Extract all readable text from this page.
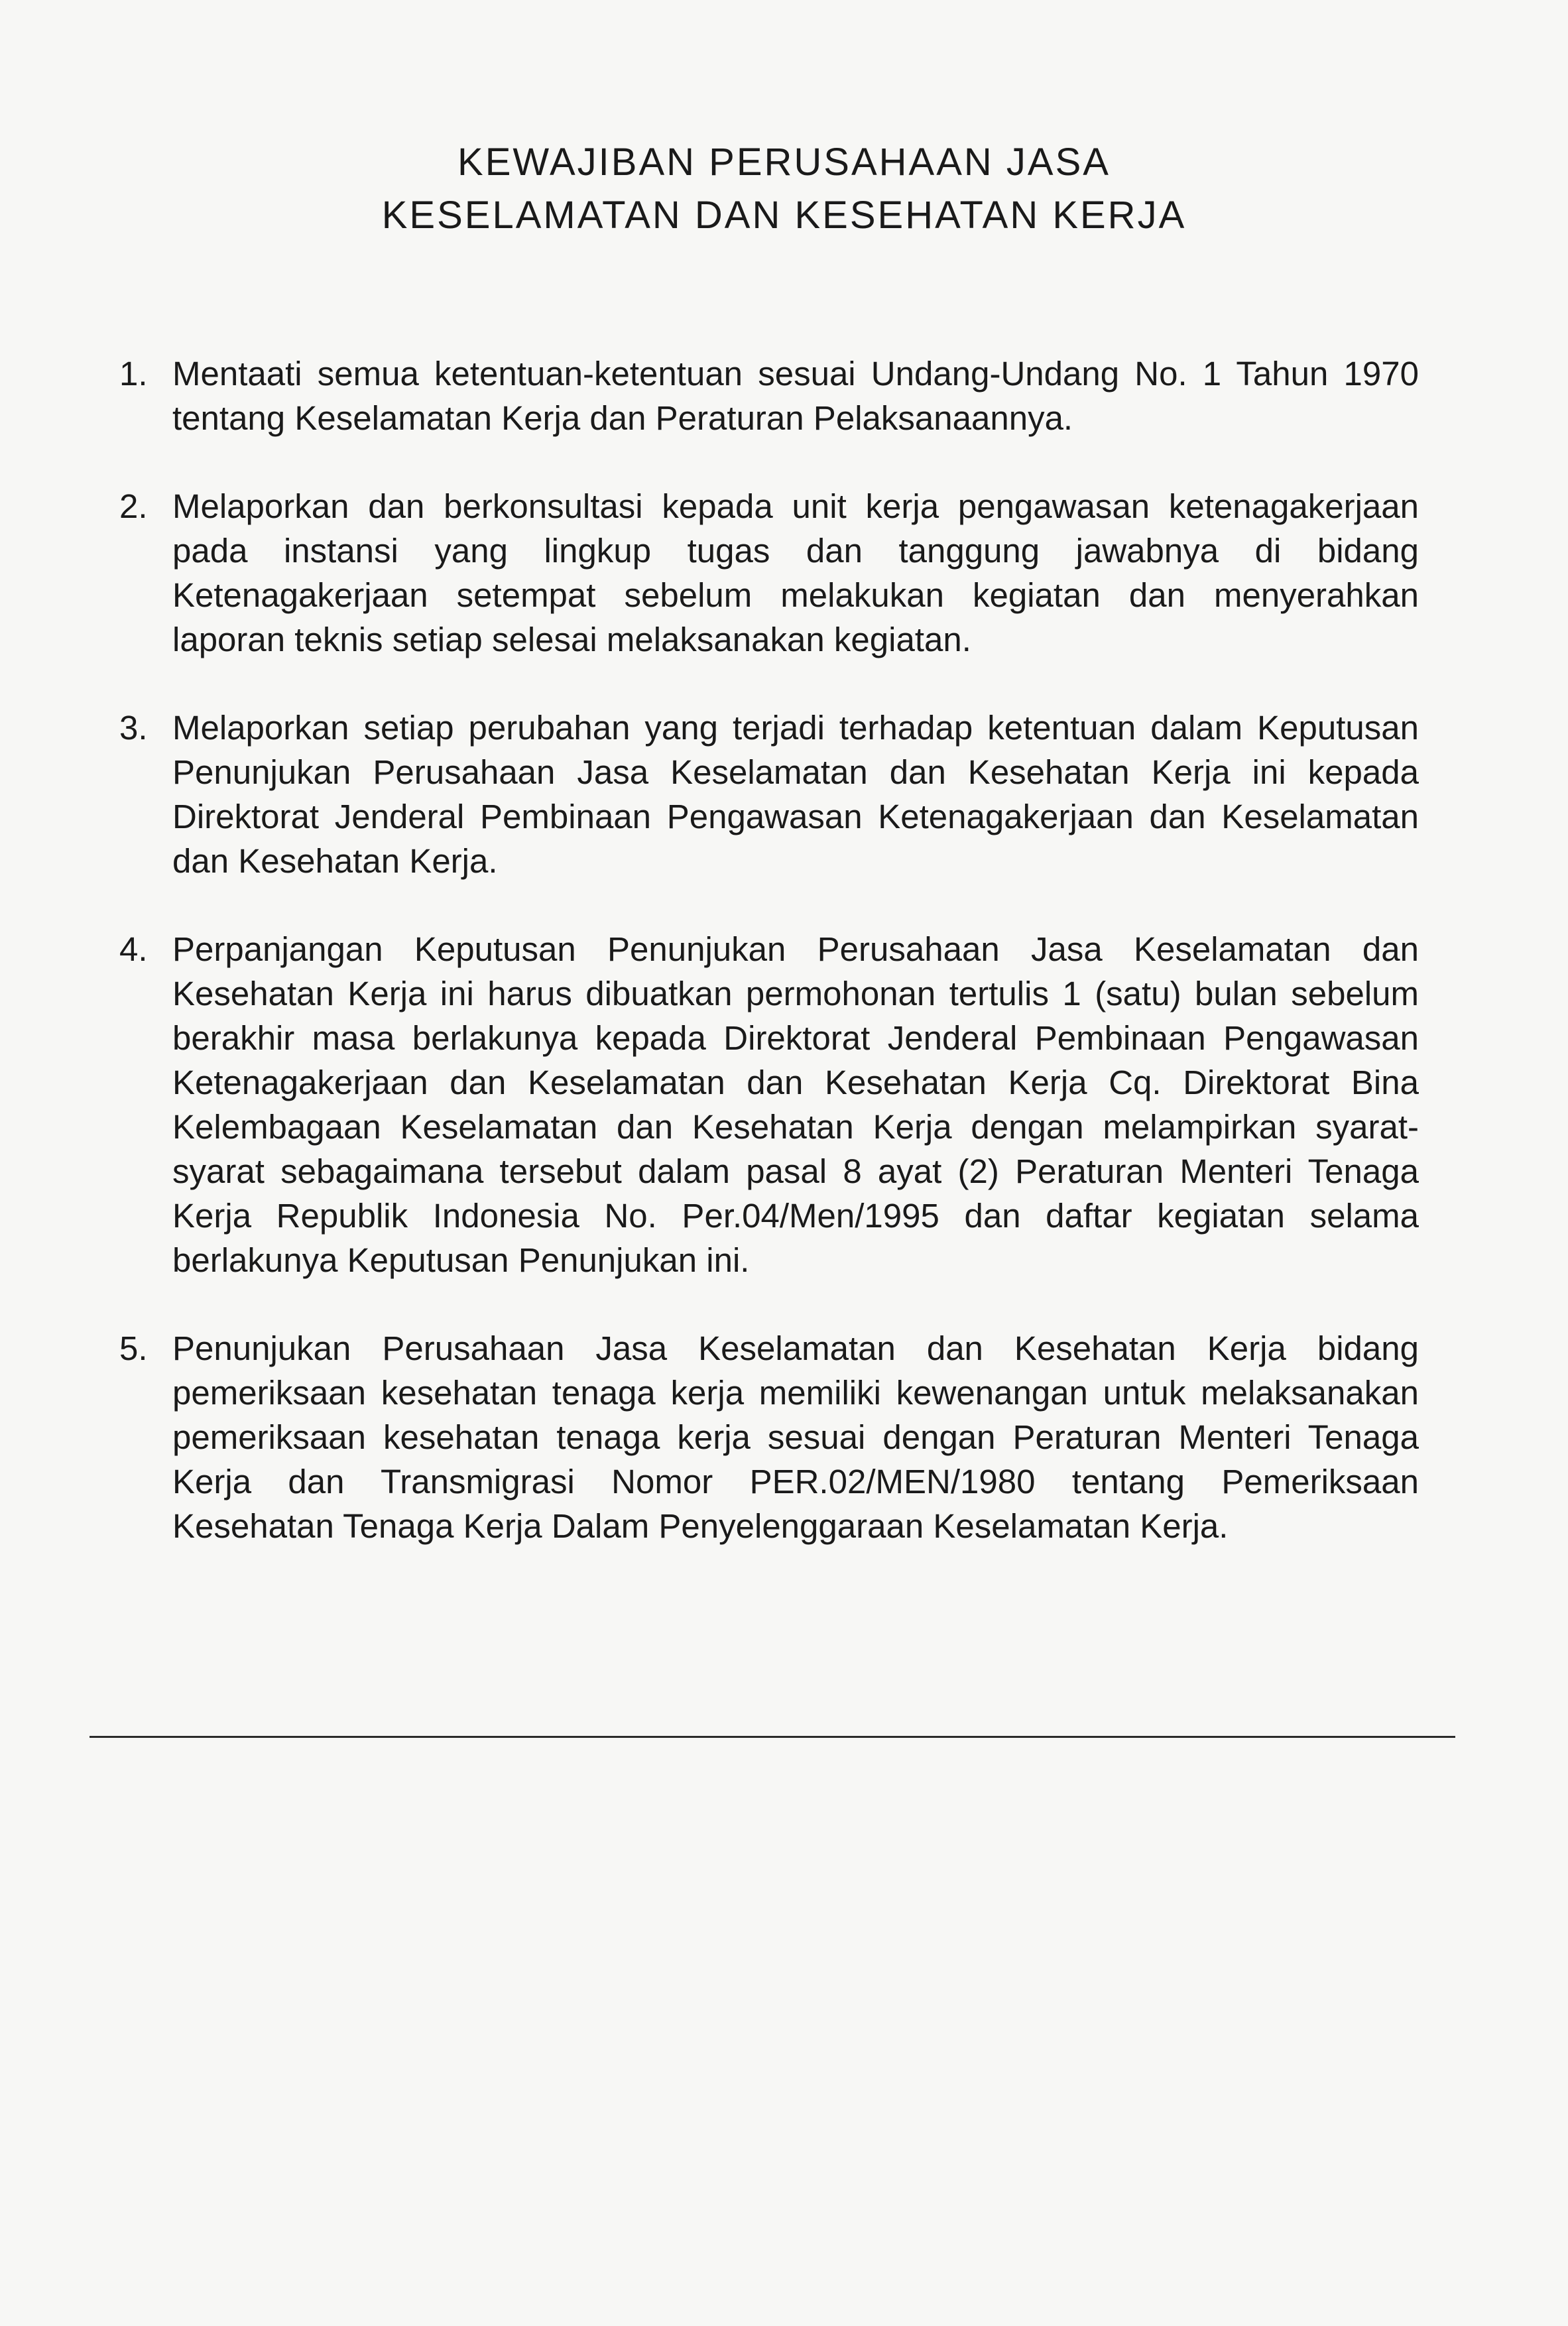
KEWAJIBAN PERUSAHAAN JASA
KESELAMATAN DAN KESEHATAN KERJA
1. Mentaati semua ketentuan-ketentuan sesuai Undang-Undang No. 1 Tahun 1970 tentang Keselamatan Kerja dan Peraturan Pelaksanaannya.
2. Melaporkan dan berkonsultasi kepada unit kerja pengawasan ketenagakerjaan pada instansi yang lingkup tugas dan tanggung jawabnya di bidang Ketenagakerjaan setempat sebelum melakukan kegiatan dan menyerahkan laporan teknis setiap selesai melaksanakan kegiatan.
3. Melaporkan setiap perubahan yang terjadi terhadap ketentuan dalam Keputusan Penunjukan Perusahaan Jasa Keselamatan dan Kesehatan Kerja ini kepada Direktorat Jenderal Pembinaan Pengawasan Ketenagakerjaan dan Keselamatan dan Kesehatan Kerja.
4. Perpanjangan Keputusan Penunjukan Perusahaan Jasa Keselamatan dan Kesehatan Kerja ini harus dibuatkan permohonan tertulis 1 (satu) bulan sebelum berakhir masa berlakunya kepada Direktorat Jenderal Pembinaan Pengawasan Ketenagakerjaan dan Keselamatan dan Kesehatan Kerja Cq. Direktorat Bina Kelembagaan Keselamatan dan Kesehatan Kerja dengan melampirkan syarat-syarat sebagaimana tersebut dalam pasal 8 ayat (2) Peraturan Menteri Tenaga Kerja Republik Indonesia No. Per.04/Men/1995 dan daftar kegiatan selama berlakunya Keputusan Penunjukan ini.
5. Penunjukan Perusahaan Jasa Keselamatan dan Kesehatan Kerja bidang pemeriksaan kesehatan tenaga kerja memiliki kewenangan untuk melaksanakan pemeriksaan kesehatan tenaga kerja sesuai dengan Peraturan Menteri Tenaga Kerja dan Transmigrasi Nomor PER.02/MEN/1980 tentang Pemeriksaan Kesehatan Tenaga Kerja Dalam Penyelenggaraan Keselamatan Kerja.
